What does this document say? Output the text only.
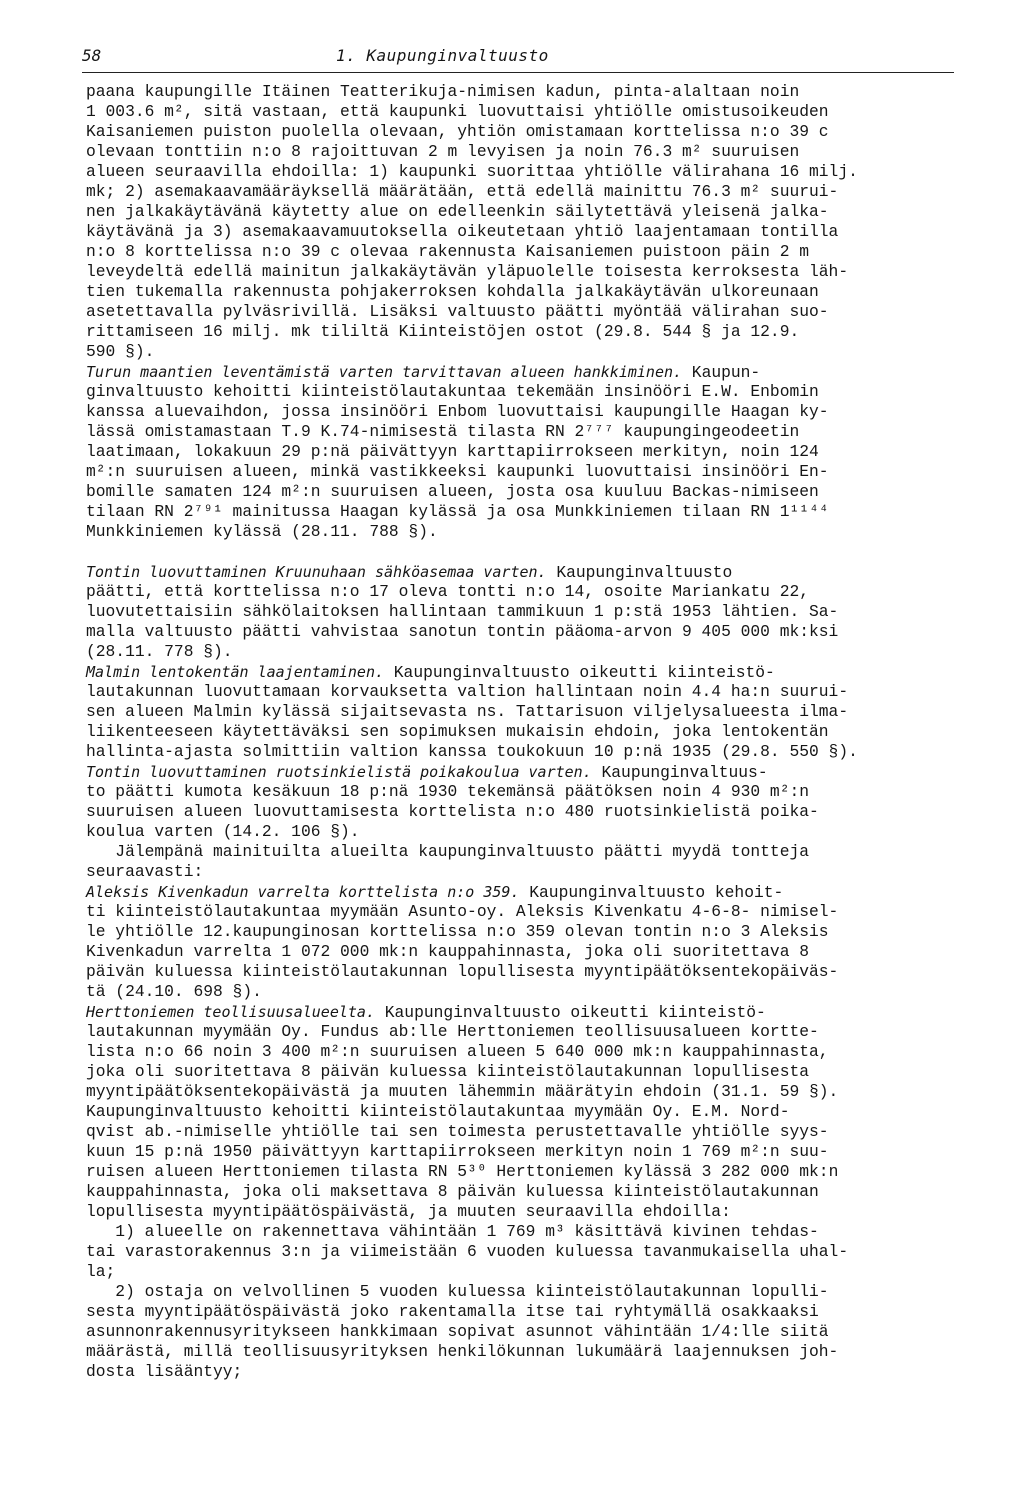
58	1. Kaupunginvaltuusto
paana kaupungille Itäinen Teatterikuja-nimisen kadun, pinta-alaltaan noin
1 003.6 m², sitä vastaan, että kaupunki luovuttaisi yhtiölle omistusoikeuden
Kaisaniemen puiston puolella olevaan, yhtiön omistamaan korttelissa n:o 39 c
olevaan tonttiin n:o 8 rajoittuvan 2 m levyisen ja noin 76.3 m² suuruisen
alueen seuraavilla ehdoilla: 1) kaupunki suorittaa yhtiölle välirahana 16 milj.
mk; 2) asemakaavamääräyksellä määrätään, että edellä mainittu 76.3 m² suurui-
nen jalkakäytävänä käytetty alue on edelleenkin säilytettävä yleisenä jalka-
käytävänä ja 3) asemakaavamuutoksella oikeutetaan yhtiö laajentamaan tontilla
n:o 8 korttelissa n:o 39 c olevaa rakennusta Kaisaniemen puistoon päin 2 m
leveydeltä edellä mainitun jalkakäytävän yläpuolelle toisesta kerroksesta läh-
tien tukemalla rakennusta pohjakerroksen kohdalla jalkakäytävän ulkoreunaan
asetettavalla pylväsrivillä. Lisäksi valtuusto päätti myöntää välirahan suo-
rittamiseen 16 milj. mk tililtä Kiinteistöjen ostot (29.8. 544 § ja 12.9.
590 §).
Turun maantien leventämistä varten tarvittavan alueen hankkiminen. Kaupun-
ginvaltuusto kehoitti kiinteistölautakuntaa tekemään insinööri E.W. Enbomin
kanssa aluevaihdon, jossa insinööri Enbom luovuttaisi kaupungille Haagan ky-
lässä omistamastaan T.9 K.74-nimisestä tilasta RN 2⁷⁷⁷ kaupungingeodeetin
laatimaan, lokakuun 29 p:nä päivättyyn karttapiirrokseen merkityn, noin 124
m²:n suuruisen alueen, minkä vastikkeeksi kaupunki luovuttaisi insinööri En-
bomille samaten 124 m²:n suuruisen alueen, josta osa kuuluu Backas-nimiseen
tilaan RN 2⁷⁹¹ mainitussa Haagan kylässä ja osa Munkkiniemen tilaan RN 1¹¹⁴⁴
Munkkiniemen kylässä (28.11. 788 §).
Tontin luovuttaminen Kruunuhaan sähköasemaa varten. Kaupunginvaltuusto
päätti, että korttelissa n:o 17 oleva tontti n:o 14, osoite Mariankatu 22,
luovutettaisiin sähkölaitoksen hallintaan tammikuun 1 p:stä 1953 lähtien. Sa-
malla valtuusto päätti vahvistaa sanotun tontin pääoma-arvon 9 405 000 mk:ksi
(28.11. 778 §).
Malmin lentokentän laajentaminen. Kaupunginvaltuusto oikeutti kiinteistö-
lautakunnan luovuttamaan korvauksetta valtion hallintaan noin 4.4 ha:n suurui-
sen alueen Malmin kylässä sijaitsevasta ns. Tattarisuon viljelysalueesta ilma-
liikenteeseen käytettäväksi sen sopimuksen mukaisin ehdoin, joka lentokentän
hallinta-ajasta solmittiin valtion kanssa toukokuun 10 p:nä 1935 (29.8. 550 §).
Tontin luovuttaminen ruotsinkielistä poikakoulua varten. Kaupunginvaltuus-
to päätti kumota kesäkuun 18 p:nä 1930 tekemänsä päätöksen noin 4 930 m²:n
suuruisen alueen luovuttamisesta korttelista n:o 480 ruotsinkielistä poika-
koulua varten (14.2. 106 §).
Jälempänä mainituilta alueilta kaupunginvaltuusto päätti myydä tontteja
seuraavasti:
Aleksis Kivenkadun varrelta korttelista n:o 359. Kaupunginvaltuusto kehoit-
ti kiinteistölautakuntaa myymään Asunto-oy. Aleksis Kivenkatu 4-6-8- nimisel-
le yhtiölle 12.kaupunginosan korttelissa n:o 359 olevan tontin n:o 3 Aleksis
Kivenkadun varrelta 1 072 000 mk:n kauppahinnasta, joka oli suoritettava 8
päivän kuluessa kiinteistölautakunnan lopullisesta myyntipäätöksentekopäiväs-
tä (24.10. 698 §).
Herttoniemen teollisuusalueelta. Kaupunginvaltuusto oikeutti kiinteistö-
lautakunnan myymään Oy. Fundus ab:lle Herttoniemen teollisuusalueen kortte-
lista n:o 66 noin 3 400 m²:n suuruisen alueen 5 640 000 mk:n kauppahinnasta,
joka oli suoritettava 8 päivän kuluessa kiinteistölautakunnan lopullisesta
myyntipäätöksentekopäivästä ja muuten lähemmin määrätyin ehdoin (31.1. 59 §).
Kaupunginvaltuusto kehoitti kiinteistölautakuntaa myymään Oy. E.M. Nord-
qvist ab.-nimiselle yhtiölle tai sen toimesta perustettavalle yhtiölle syys-
kuun 15 p:nä 1950 päivättyyn karttapiirrokseen merkityn noin 1 769 m²:n suu-
ruisen alueen Herttoniemen tilasta RN 5³⁰ Herttoniemen kylässä 3 282 000 mk:n
kauppahinnasta, joka oli maksettava 8 päivän kuluessa kiinteistölautakunnan
lopullisesta myyntipäätöspäivästä, ja muuten seuraavilla ehdoilla:
1) alueelle on rakennettava vähintään 1 769 m³ käsittävä kivinen tehdas-
tai varastorakennus 3:n ja viimeistään 6 vuoden kuluessa tavanmukaisella uhal-
la;
2) ostaja on velvollinen 5 vuoden kuluessa kiinteistölautakunnan lopulli-
sesta myyntipäätöspäivästä joko rakentamalla itse tai ryhtymällä osakkaaksi
asunnonrakennusyritykseen hankkimaan sopivat asunnot vähintään 1/4:lle siitä
määrästä, millä teollisuusyrityksen henkilökunnan lukumäärä laajennuksen joh-
dosta lisääntyy;
